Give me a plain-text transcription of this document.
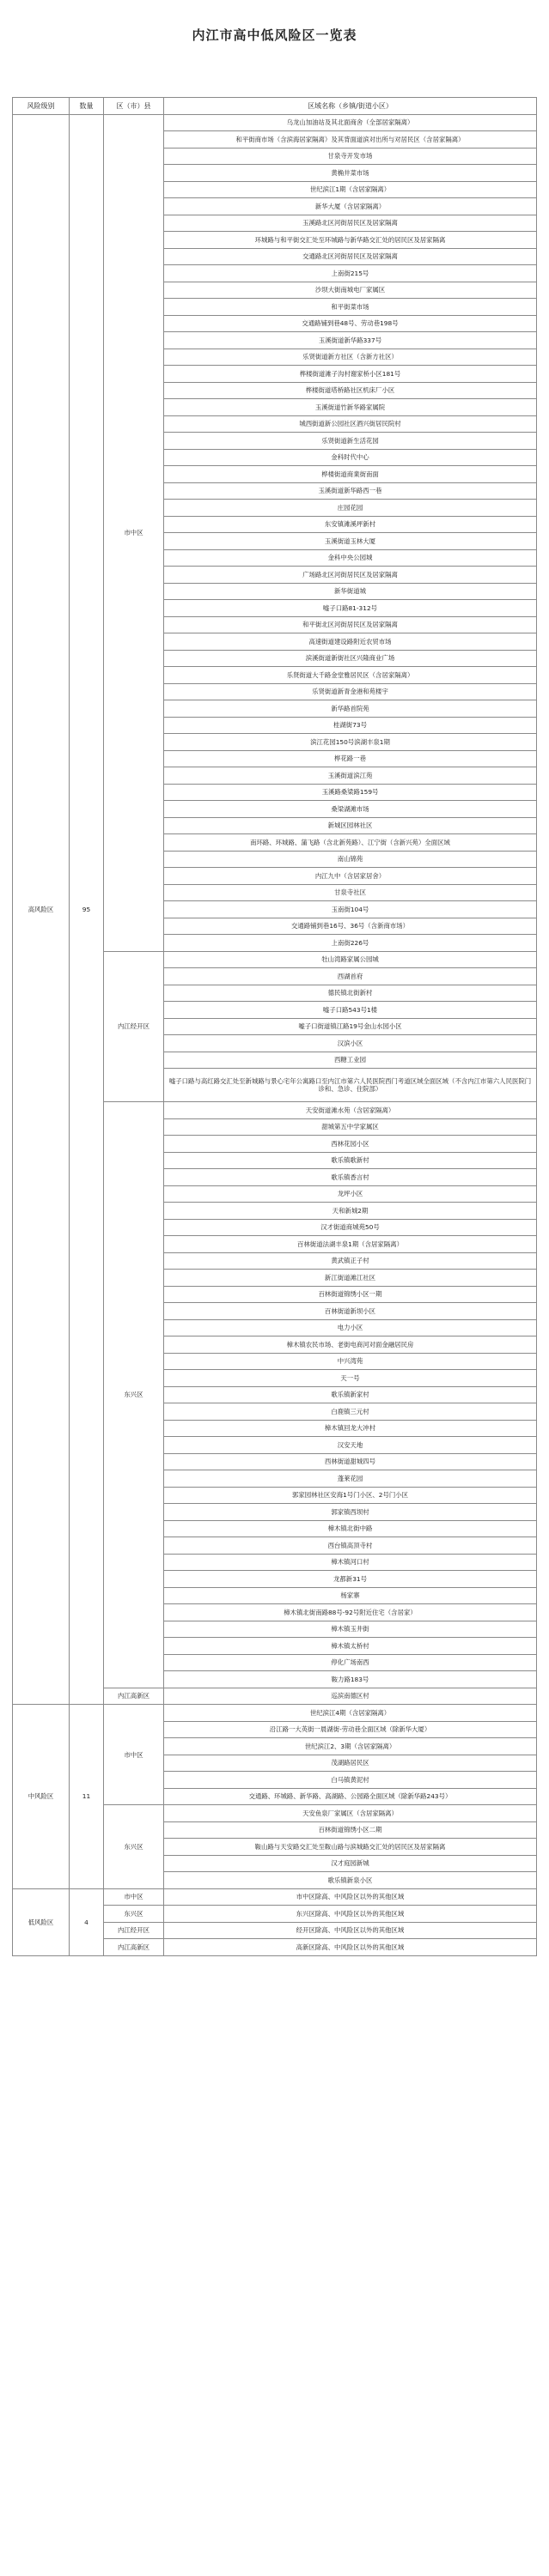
内江市高中低风险区一览表
风险级别	数量	区（市）县	区域名称（乡镇/街道小区）
高风险区	95	市中区	乌龙山加油站及其北面商舍（全部居家隔离）
			和平街商市场（含滨海居家隔离）及其背面道滨对出所与对居民区（含居家隔离）
			甘泉寺开发市场
			黄桷井菜市场
			世纪滨江1期（含居家隔离）
			新华大厦（含居家隔离）
			玉溪路北区河街居民区及居家隔离
			环城路与和平街交汇处至环城路与新华路交汇处的居民区及居家隔离
			交通路北区河街居民区及居家隔离
			上南街215号
			沙坝大街南城电厂家属区
			和平街菜市场
			交通路铺到巷48号、劳动巷198号
			玉溪街道新华路337号
			乐贤街道新方社区（含新方社区）
			桦楼街道滩子沟村谢家桥小区181号
			桦楼街道塔桥路社区机床厂小区
			玉溪街道竹新华路家属院
			城西街道新公园社区酒兴街居民院村
			乐贤街道新生活花园
			金科时代中心
			桦楼街道商業街南面
			玉溪街道新华路西一巷
			庄园花园
			东安镇滩溪坪新村
			玉溪街道玉林大厦
			金科中央公园城
			广场路北区河街居民区及居家隔离
			新华街道城
			嘘子口路81-312号
			和平街北区河街居民区及居家隔离
			高速街道建设路附近农贸市场
			滨溪街道新街社区兴隆商业广场
			乐贤街道大千路金堂雅居民区（含居家隔离）
			乐贤街道新青金港和苑楼宇
			新华路首院苑
			桂湖街73号
			滨江花园150号滨湖丰泉1期
			桦花路一巷
			玉溪街道滨江苑
			玉溪路桑梁路159号
			桑梁湖滩市场
			新城区园林社区
			南环路、环城路、蒲飞路（含北新苑路）、江宁街（含新兴苑）全面区域
			南山锦苑
			内江九中（含居家居舍）
			甘泉寺社区
			玉南街104号
			交通路铺到巷16号、36号（含新商市场）
			上南街226号
		内江经开区	牡山湾路家属公园城
			西湖首府
			德民镇北街新村
			嘘子口路543号1楼
			嘘子口街道镇江路19号金山水园小区
			汉滨小区
			西糖工业园
			嘘子口路与高红路交汇处至新城路与景心宅年公寓路口至内江市第六人民医院西门考道区域全面区域（不含内江市第六人民医院门诊和、急诊、住院部）
		东兴区	天安街道滩水苑（含居家隔离）
			甜城第五中学家属区
			西林花园小区
			歌乐镇歌新村
			歌乐镇香言村
			龙坪小区
			天和新城2期
			汉才街道商城苑50号
			百林街道法湖丰泉1期（含居家隔离）
			黄武镇正子村
			新江街道滩江社区
			百林街道锦绣小区一期
			百林街道新坝小区
			电力小区
			樟木镇农民市场、老街电商河对面金融居民房
			中兴湾苑
			天一号
			歌乐镇新家村
			白鹿镇三元村
			樟木镇回龙大冲村
			汉安天地
			西林街道甜城四号
			蓬莱花园
			郭家园林社区安海1号门小区、2号门小区
			郭家镇西坝村
			樟木镇北街中路
			西台镇高顶寺村
			樟木镇河口村
			龙都新31号
			杨家寨
			樟木镇北街南路88号-92号附近住宅（含居家）
			樟木镇玉井街
			樟木镇太桥村
			停化广场南西
			鞍力路183号
		内江高新区	巡滨南德区村
中风险区	11	市中区	世纪滨江4期（含居家隔离）
			沿江路一大英街一晨湖街-劳动巷全面区域（除新华大厦）
			世纪滨江2、3期（含居家隔离）
			茂湖路居民区
			白马镇黄泥村
			交通路、环城路、新华路、高湖路、公园路全面区域（除新华路243号）
		东兴区	天安鱼泉厂家属区（含居家隔离）
			百林街道锦绣小区二期
			鞍山路与天安路交汇处至鞍山路与滨城路交汇处的居民区及居家隔离
			汉才庭园新城
			歌乐镇新泉小区
低风险区	4	市中区	市中区除高、中风险区以外的其他区域
		东兴区	东兴区除高、中风险区以外的其他区域
		内江经开区	经开区除高、中风险区以外的其他区域
		内江高新区	高新区除高、中风险区以外的其他区域
